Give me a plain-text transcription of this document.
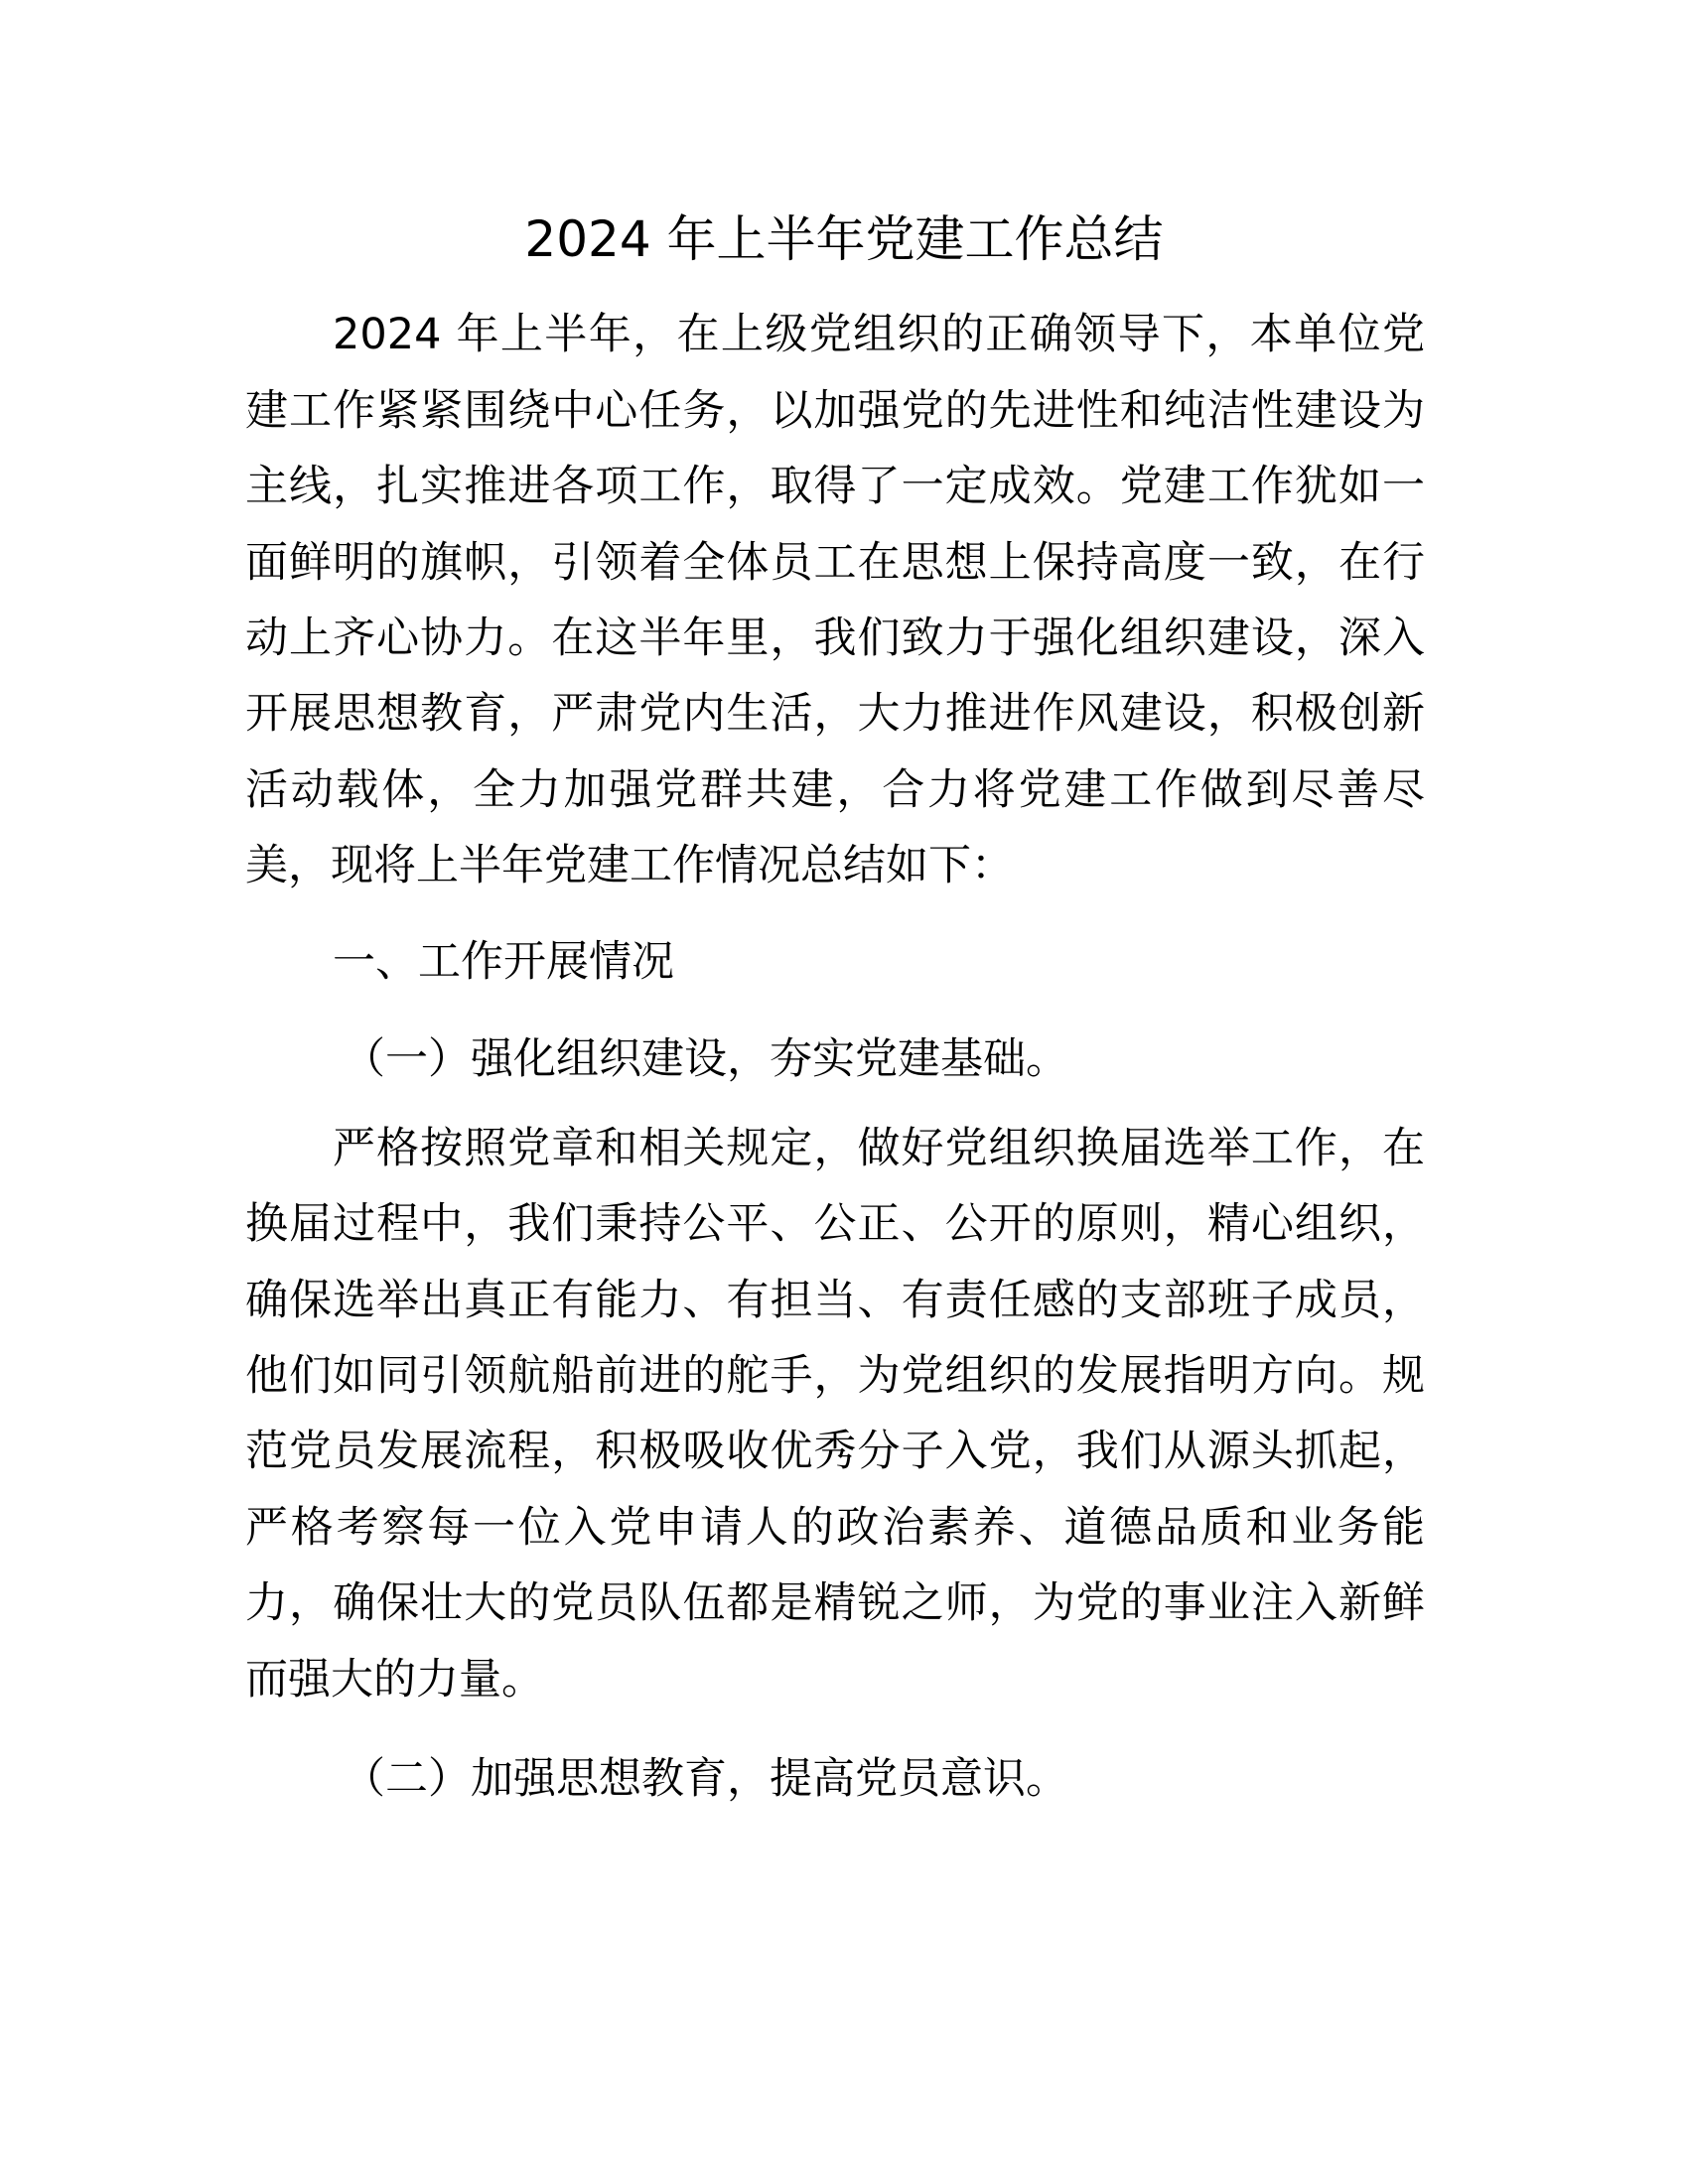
2024 年上半年党建工作总结
2024 年上半年，在上级党组织的正确领导下，本单位党
建工作紧紧围绕中心任务，以加强党的先进性和纯洁性建设为
主线，扎实推进各项工作，取得了一定成效。党建工作犹如一
面鲜明的旗帜，引领着全体员工在思想上保持高度一致，在行
动上齐心协力。在这半年里，我们致力于强化组织建设，深入
开展思想教育，严肃党内生活，大力推进作风建设，积极创新
活动载体，全力加强党群共建，合力将党建工作做到尽善尽
美，现将上半年党建工作情况总结如下：
一、工作开展情况
（一）强化组织建设，夯实党建基础。
严格按照党章和相关规定，做好党组织换届选举工作，在
换届过程中，我们秉持公平、公正、公开的原则，精心组织，
确保选举出真正有能力、有担当、有责任感的支部班子成员，
他们如同引领航船前进的舵手，为党组织的发展指明方向。规
范党员发展流程，积极吸收优秀分子入党，我们从源头抓起，
严格考察每一位入党申请人的政治素养、道德品质和业务能
力，确保壮大的党员队伍都是精锐之师，为党的事业注入新鲜
而强大的力量。
（二）加强思想教育，提高党员意识。
